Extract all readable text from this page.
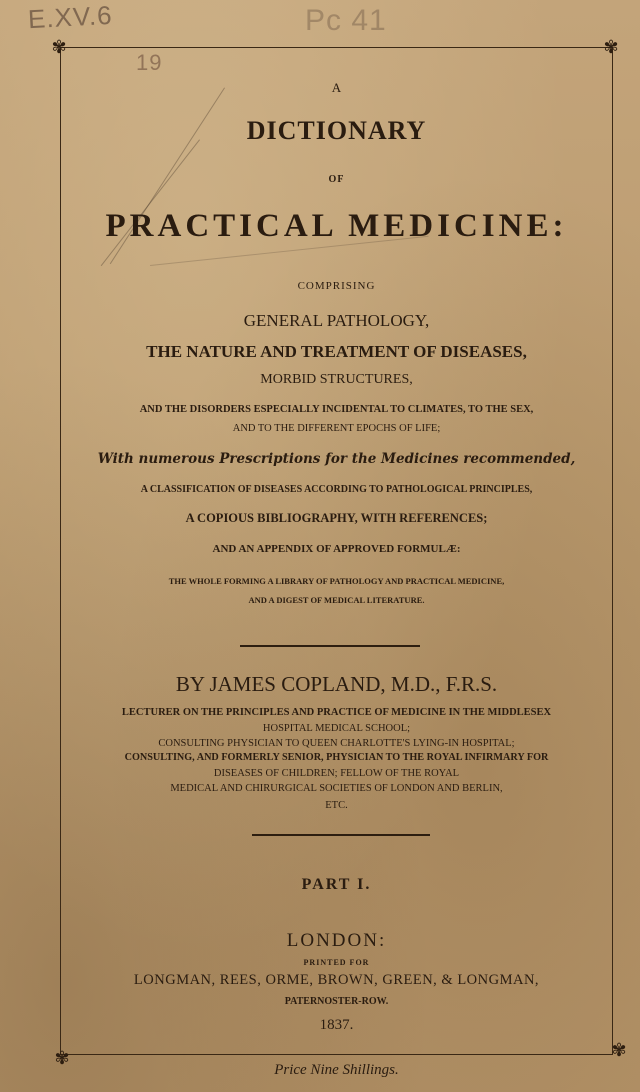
E.XV.6	Pc 41
19
✾	✾
✾	✾
A
DICTIONARY
OF
PRACTICAL MEDICINE:
COMPRISING
GENERAL PATHOLOGY,
THE NATURE AND TREATMENT OF DISEASES,
MORBID STRUCTURES,
AND THE DISORDERS ESPECIALLY INCIDENTAL TO CLIMATES, TO THE SEX,
AND TO THE DIFFERENT EPOCHS OF LIFE;
With numerous Prescriptions for the Medicines recommended,
A CLASSIFICATION OF DISEASES ACCORDING TO PATHOLOGICAL PRINCIPLES,
A COPIOUS BIBLIOGRAPHY, WITH REFERENCES;
AND AN APPENDIX OF APPROVED FORMULÆ:
THE WHOLE FORMING A LIBRARY OF PATHOLOGY AND PRACTICAL MEDICINE,
AND A DIGEST OF MEDICAL LITERATURE.
BY JAMES COPLAND, M.D., F.R.S.
LECTURER ON THE PRINCIPLES AND PRACTICE OF MEDICINE IN THE MIDDLESEX
HOSPITAL MEDICAL SCHOOL;
CONSULTING PHYSICIAN TO QUEEN CHARLOTTE'S LYING-IN HOSPITAL;
CONSULTING, AND FORMERLY SENIOR, PHYSICIAN TO THE ROYAL INFIRMARY FOR
DISEASES OF CHILDREN; FELLOW OF THE ROYAL
MEDICAL AND CHIRURGICAL SOCIETIES OF LONDON AND BERLIN,
ETC.
PART I.
LONDON:
PRINTED FOR
LONGMAN, REES, ORME, BROWN, GREEN, & LONGMAN,
PATERNOSTER-ROW.
1837.
Price Nine Shillings.
